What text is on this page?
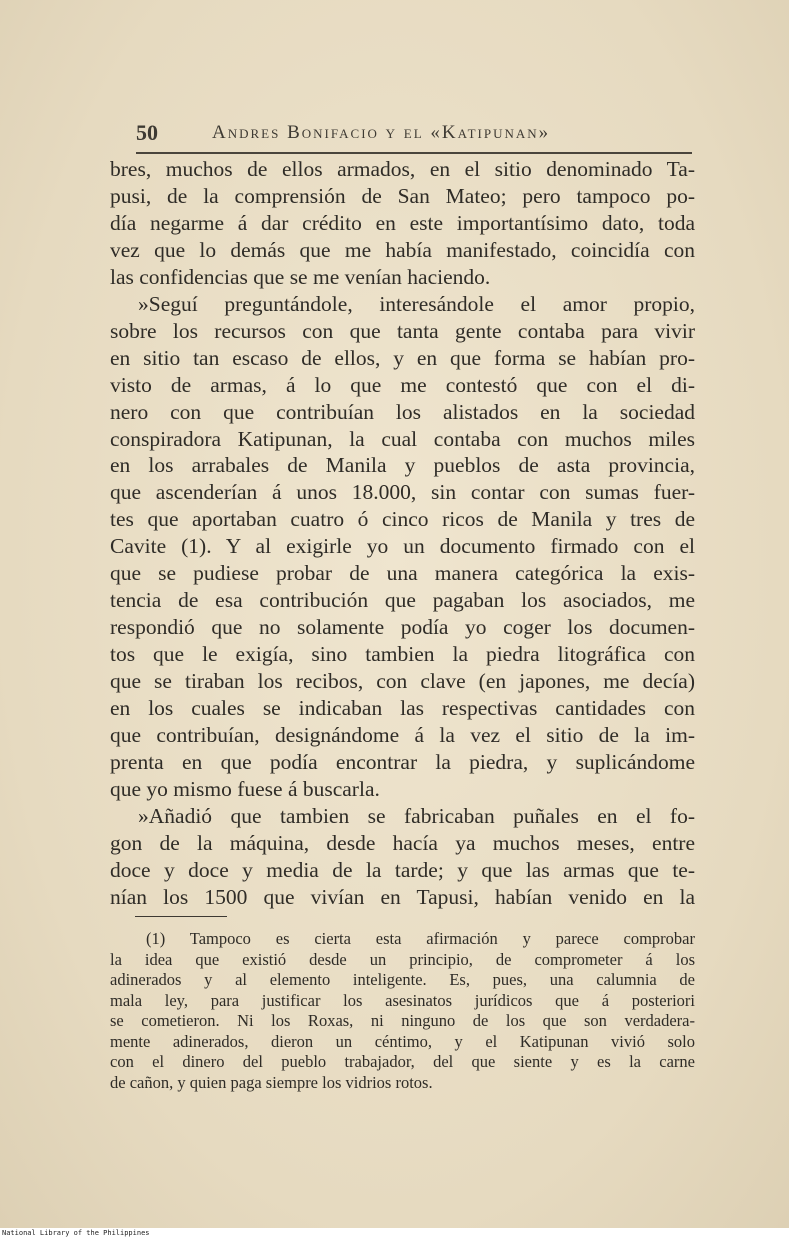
50	Andres Bonifacio y el «Katipunan»
bres, muchos de ellos armados, en el sitio denominado Ta-
pusi, de la comprensión de San Mateo; pero tampoco po-
día negarme á dar crédito en este importantísimo dato, toda
vez que lo demás que me había manifestado, coincidía con
las confidencias que se me venían haciendo.
»Seguí preguntándole, interesándole el amor propio,
sobre los recursos con que tanta gente contaba para vivir
en sitio tan escaso de ellos, y en que forma se habían pro-
visto de armas, á lo que me contestó que con el di-
nero con que contribuían los alistados en la sociedad
conspiradora Katipunan, la cual contaba con muchos miles
en los arrabales de Manila y pueblos de asta provincia,
que ascenderían á unos 18.000, sin contar con sumas fuer-
tes que aportaban cuatro ó cinco ricos de Manila y tres de
Cavite (1). Y al exigirle yo un documento firmado con el
que se pudiese probar de una manera categórica la exis-
tencia de esa contribución que pagaban los asociados, me
respondió que no solamente podía yo coger los documen-
tos que le exigía, sino tambien la piedra litográfica con
que se tiraban los recibos, con clave (en japones, me decía)
en los cuales se indicaban las respectivas cantidades con
que contribuían, designándome á la vez el sitio de la im-
prenta en que podía encontrar la piedra, y suplicándome
que yo mismo fuese á buscarla.
»Añadió que tambien se fabricaban puñales en el fo-
gon de la máquina, desde hacía ya muchos meses, entre
doce y doce y media de la tarde; y que las armas que te-
nían los 1500 que vivían en Tapusi, habían venido en la
(1) Tampoco es cierta esta afirmación y parece comprobar
la idea que existió desde un principio, de comprometer á los
adinerados y al elemento inteligente. Es, pues, una calumnia de
mala ley, para justificar los asesinatos jurídicos que á posteriori
se cometieron. Ni los Roxas, ni ninguno de los que son verdadera-
mente adinerados, dieron un céntimo, y el Katipunan vivió solo
con el dinero del pueblo trabajador, del que siente y es la carne
de cañon, y quien paga siempre los vidrios rotos.
National Library of the Philippines
